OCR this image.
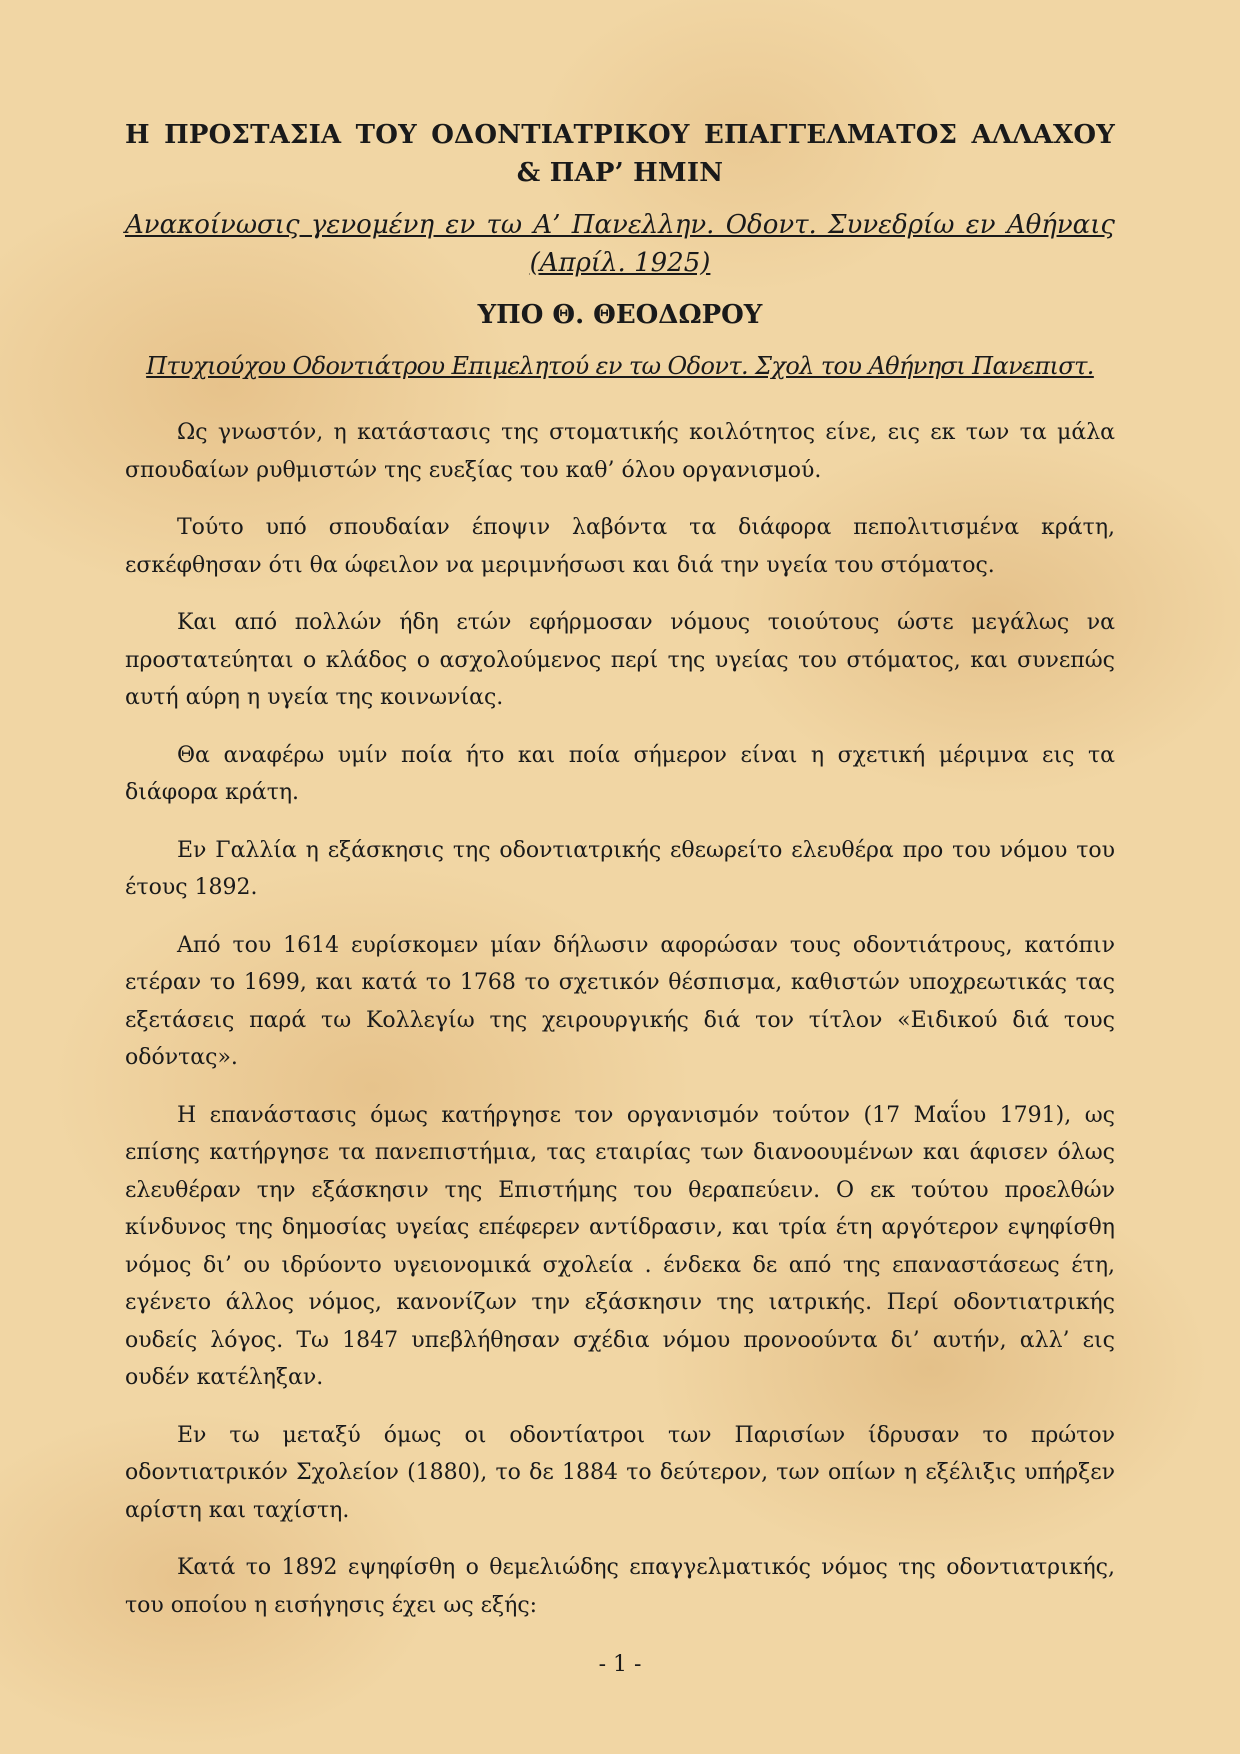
Η ΠΡΟΣΤΑΣΙΑ ΤΟΥ ΟΔΟΝΤΙΑΤΡΙΚΟΥ ΕΠΑΓΓΕΛΜΑΤΟΣ ΑΛΛΑΧΟΥ & ΠΑΡ’ ΗΜΙΝ

Ανακοίνωσις γενομένη εν τω Α’ Πανελλην. Οδοντ. Συνεδρίω εν Αθήναις (Απρίλ. 1925)

ΥΠΟ Θ. ΘΕΟΔΩΡΟΥ

Πτυχιούχου Οδοντιάτρου Επιμελητού εν τω Οδοντ. Σχολ του Αθήνησι Πανεπιστ.

Ως γνωστόν, η κατάστασις της στοματικής κοιλότητος είνε, εις εκ των τα μάλα σπουδαίων ρυθμιστών της ευεξίας του καθ’ όλου οργανισμού.

Τούτο υπό σπουδαίαν έποψιν λαβόντα τα διάφορα πεπολιτισμένα κράτη, εσκέφθησαν ότι θα ώφειλον να μεριμνήσωσι και διά την υγεία του στόματος.

Και από πολλών ήδη ετών εφήρμοσαν νόμους τοιούτους ώστε μεγάλως να προστατεύηται ο κλάδος ο ασχολούμενος περί της υγείας του στόματος, και συνεπώς αυτή αύρη η υγεία της κοινωνίας.

Θα αναφέρω υμίν ποία ήτο και ποία σήμερον είναι η σχετική μέριμνα εις τα διάφορα κράτη.

Εν Γαλλία η εξάσκησις της οδοντιατρικής εθεωρείτο ελευθέρα προ του νόμου του έτους 1892.

Από του 1614 ευρίσκομεν μίαν δήλωσιν αφορώσαν τους οδοντιάτρους, κατόπιν ετέραν το 1699, και κατά το 1768 το σχετικόν θέσπισμα, καθιστών υποχρεωτικάς τας εξετάσεις παρά τω Κολλεγίω της χειρουργικής διά τον τίτλον «Ειδικού διά τους οδόντας».

Η επανάστασις όμως κατήργησε τον οργανισμόν τούτον (17 Μαΐου 1791), ως επίσης κατήργησε τα πανεπιστήμια, τας εταιρίας των διανοουμένων και άφισεν όλως ελευθέραν την εξάσκησιν της Επιστήμης του θεραπεύειν. Ο εκ τούτου προελθών κίνδυνος της δημοσίας υγείας επέφερεν αντίδρασιν, και τρία έτη αργότερον εψηφίσθη νόμος δι’ ου ιδρύοντο υγειονομικά σχολεία . ένδεκα δε από της επαναστάσεως έτη, εγένετο άλλος νόμος, κανονίζων την εξάσκησιν της ιατρικής. Περί οδοντιατρικής ουδείς λόγος. Τω 1847 υπεβλήθησαν σχέδια νόμου προνοούντα δι’ αυτήν, αλλ’ εις ουδέν κατέληξαν.

Εν τω μεταξύ όμως οι οδοντίατροι των Παρισίων ίδρυσαν το πρώτον οδοντιατρικόν Σχολείον (1880), το δε 1884 το δεύτερον, των οπίων η εξέλιξις υπήρξεν αρίστη και ταχίστη.

Κατά το 1892 εψηφίσθη ο θεμελιώδης επαγγελματικός νόμος της οδοντιατρικής, του οποίου η εισήγησις έχει ως εξής:

- 1 -
